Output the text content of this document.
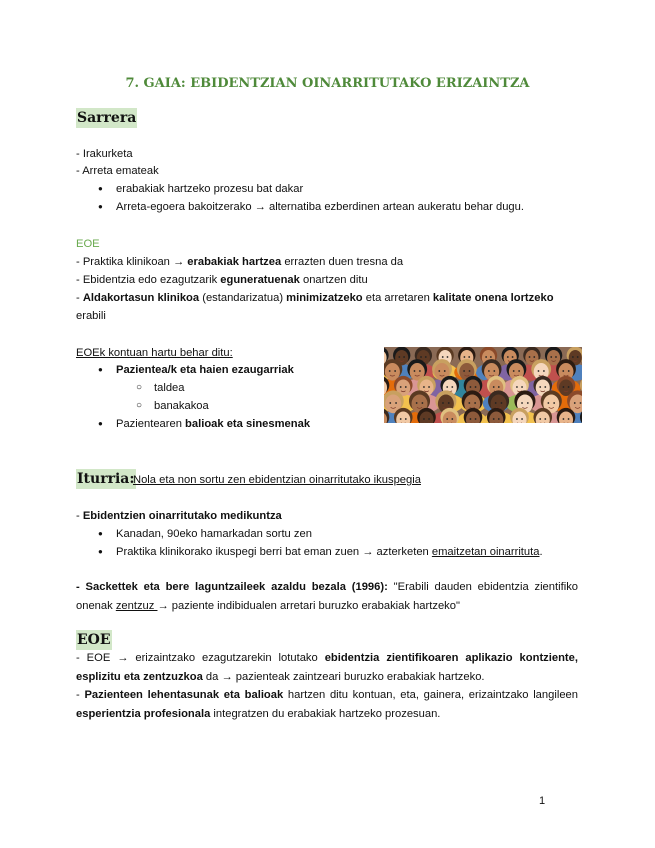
7. GAIA: EBIDENTZIAN OINARRITUTAKO ERIZAINTZA
Sarrera
- Irakurketa
- Arreta emateak
● erabakiak hartzeko prozesu bat dakar
● Arreta-egoera bakoitzerako → alternatiba ezberdinen artean aukeratu behar dugu.
EOE
- Praktika klinikoan → erabakiak hartzea errazten duen tresna da
- Ebidentzia edo ezagutzarik eguneratuenak onartzen ditu
- Aldakortasun klinikoa (estandarizatua) minimizatzeko eta arretaren kalitate onena lortzeko
erabili
EOEk kontuan hartu behar ditu:
● Pazientea/k eta haien ezaugarriak
○ taldea
○ banakakoa
● Pazientearen balioak eta sinesmenak
Iturria:
Nola eta non sortu zen ebidentzian oinarritutako ikuspegia
- Ebidentzien oinarritutako medikuntza
● Kanadan, 90eko hamarkadan sortu zen
● Praktika klinikorako ikuspegi berri bat eman zuen → azterketen emaitzetan oinarrituta.
- Sackettek eta bere laguntzaileek azaldu bezala (1996): "Erabili dauden ebidentzia zientifiko onenak zentzuz → paziente indibidualen arretari buruzko erabakiak hartzeko"
EOE
- EOE → erizaintzako ezagutzarekin lotutako ebidentzia zientifikoaren aplikazio kontziente, esplizitu eta zentzuzkoa da → pazienteak zaintzeari buruzko erabakiak hartzeko.
- Pazienteen lehentasunak eta balioak hartzen ditu kontuan, eta, gainera, erizaintzako langileen esperientzia profesionala integratzen du erabakiak hartzeko prozesuan.
1
